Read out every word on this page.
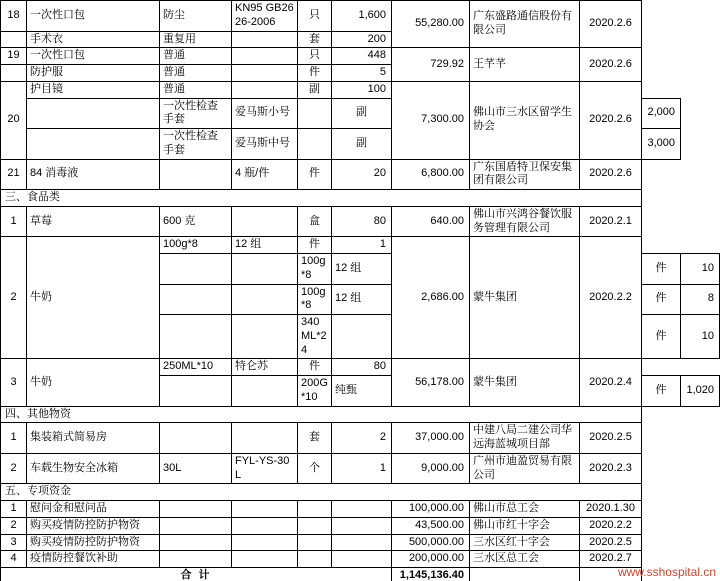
18	一次性口包	防尘	KN95 GB2626-2006	只	1,600	55,280.00	广东盛路通信股份有限公司	2020.2.6		
	手术衣	重复用		套	200					
19	一次性口包	普通		只	448	729.92	王芊芊	2020.2.6		
	防护服	普通		件	5					
20	护目镜	普通		副	100	7,300.00	佛山市三水区留学生协会	2020.2.6		
		一次性检查手套	爱马斯小号		副				2,000	
		一次性检查手套	爱马斯中号		副				3,000	
21	84 消毒液		4 瓶/件	件	20	6,800.00	广东国盾特卫保安集团有限公司	2020.2.6		
三、食品类										
1	草莓	600 克		盒	80	640.00	佛山市兴鸿谷餐饮服务管理有限公司	2020.2.1		
2	牛奶	100g*8	12 组	件	1	2,686.00	蒙牛集团	2020.2.2		
				100g*8	12 组				件	10
				100g*8	12 组				件	8
				340ML*24					件	10
3	牛奶	250ML*10	特仑苏	件	80	56,178.00	蒙牛集团	2020.2.4		
				200G*10	纯甄				件	1,020
四、其他物资										
1	集装箱式简易房			套	2	37,000.00	中建八局二建公司华远海蓝城项目部	2020.2.5		
2	车载生物安全冰箱	30L	FYL-YS-30L	个	1	9,000.00	广州市迪盈贸易有限公司	2020.2.3		
五、专项资金										
1	慰问金和慰问品					100,000.00	佛山市总工会	2020.1.30		
2	购买疫情防控防护物资					43,500.00	佛山市红十字会	2020.2.2		
3	购买疫情防控防护物资					500,000.00	三水区红十字会	2020.2.5		
4	疫情防控餐饮补助					200,000.00	三水区总工会	2020.2.7		
合 计						1,145,136.40					www.sshospital.cn
